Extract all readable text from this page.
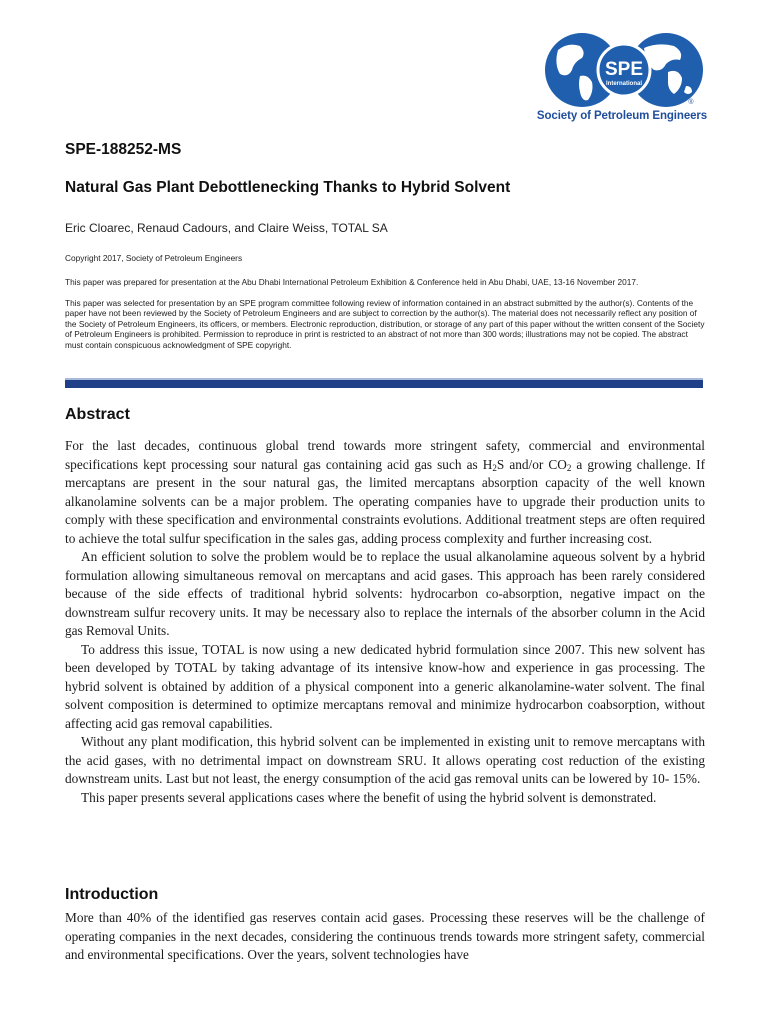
SPE
International
®
Society of Petroleum Engineers
SPE-188252-MS
Natural Gas Plant Debottlenecking Thanks to Hybrid Solvent
Eric Cloarec, Renaud Cadours, and Claire Weiss, TOTAL SA
Copyright 2017, Society of Petroleum Engineers
This paper was prepared for presentation at the Abu Dhabi International Petroleum Exhibition & Conference held in Abu Dhabi, UAE, 13-16 November 2017.
This paper was selected for presentation by an SPE program committee following review of information contained in an abstract submitted by the author(s). Contents of the paper have not been reviewed by the Society of Petroleum Engineers and are subject to correction by the author(s). The material does not necessarily reflect any position of the Society of Petroleum Engineers, its officers, or members. Electronic reproduction, distribution, or storage of any part of this paper without the written consent of the Society of Petroleum Engineers is prohibited. Permission to reproduce in print is restricted to an abstract of not more than 300 words; illustrations may not be copied. The abstract must contain conspicuous acknowledgment of SPE copyright.
Abstract

For the last decades, continuous global trend towards more stringent safety, commercial and environmental specifications kept processing sour natural gas containing acid gas such as $H_2S$ and/or $CO_2$ a growing challenge. If mercaptans are present in the sour natural gas, the limited mercaptans absorption capacity of the well known alkanolamine solvents can be a major problem. The operating companies have to upgrade their production units to comply with these specification and environmental constraints evolutions. Additional treatment steps are often required to achieve the total sulfur specification in the sales gas, adding process complexity and further increasing cost.

An efficient solution to solve the problem would be to replace the usual alkanolamine aqueous solvent by a hybrid formulation allowing simultaneous removal on mercaptans and acid gases. This approach has been rarely considered because of the side effects of traditional hybrid solvents: hydrocarbon co-absorption, negative impact on the downstream sulfur recovery units. It may be necessary also to replace the internals of the absorber column in the Acid gas Removal Units.

To address this issue, TOTAL is now using a new dedicated hybrid formulation since 2007. This new solvent has been developed by TOTAL by taking advantage of its intensive know-how and experience in gas processing. The hybrid solvent is obtained by addition of a physical component into a generic alkanolamine-water solvent. The final solvent composition is determined to optimize mercaptans removal and minimize hydrocarbon coabsorption, without affecting acid gas removal capabilities.

Without any plant modification, this hybrid solvent can be implemented in existing unit to remove mercaptans with the acid gases, with no detrimental impact on downstream SRU. It allows operating cost reduction of the existing downstream units. Last but not least, the energy consumption of the acid gas removal units can be lowered by 10- 15%.

This paper presents several applications cases where the benefit of using the hybrid solvent is demonstrated.

Introduction

More than 40% of the identified gas reserves contain acid gases. Processing these reserves will be the challenge of operating companies in the next decades, considering the continuous trends towards more stringent safety, commercial and environmental specifications. Over the years, solvent technologies have
